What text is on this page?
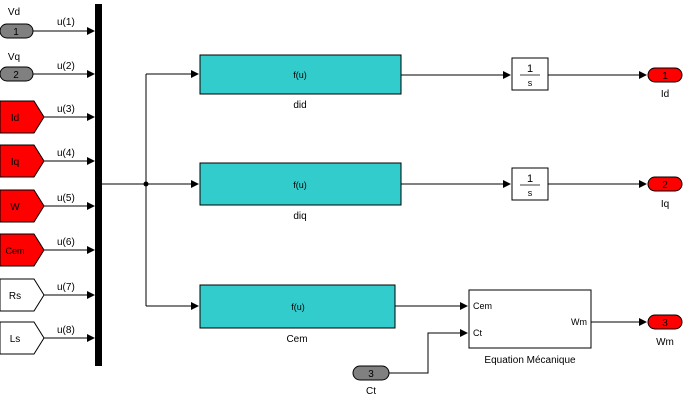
1
Vd
2
Vq
Id
Iq
W
Cem
Rs
Ls
u(1)
u(2)
u(3)
u(4)
u(5)
u(6)
u(7)
u(8)
f(u)
did
f(u)
diq
f(u)
Cem
1
s
1
s
Cem
Ct
Wm
Equation Mécanique
3
Ct
1
Id
2
Iq
3
Wm
